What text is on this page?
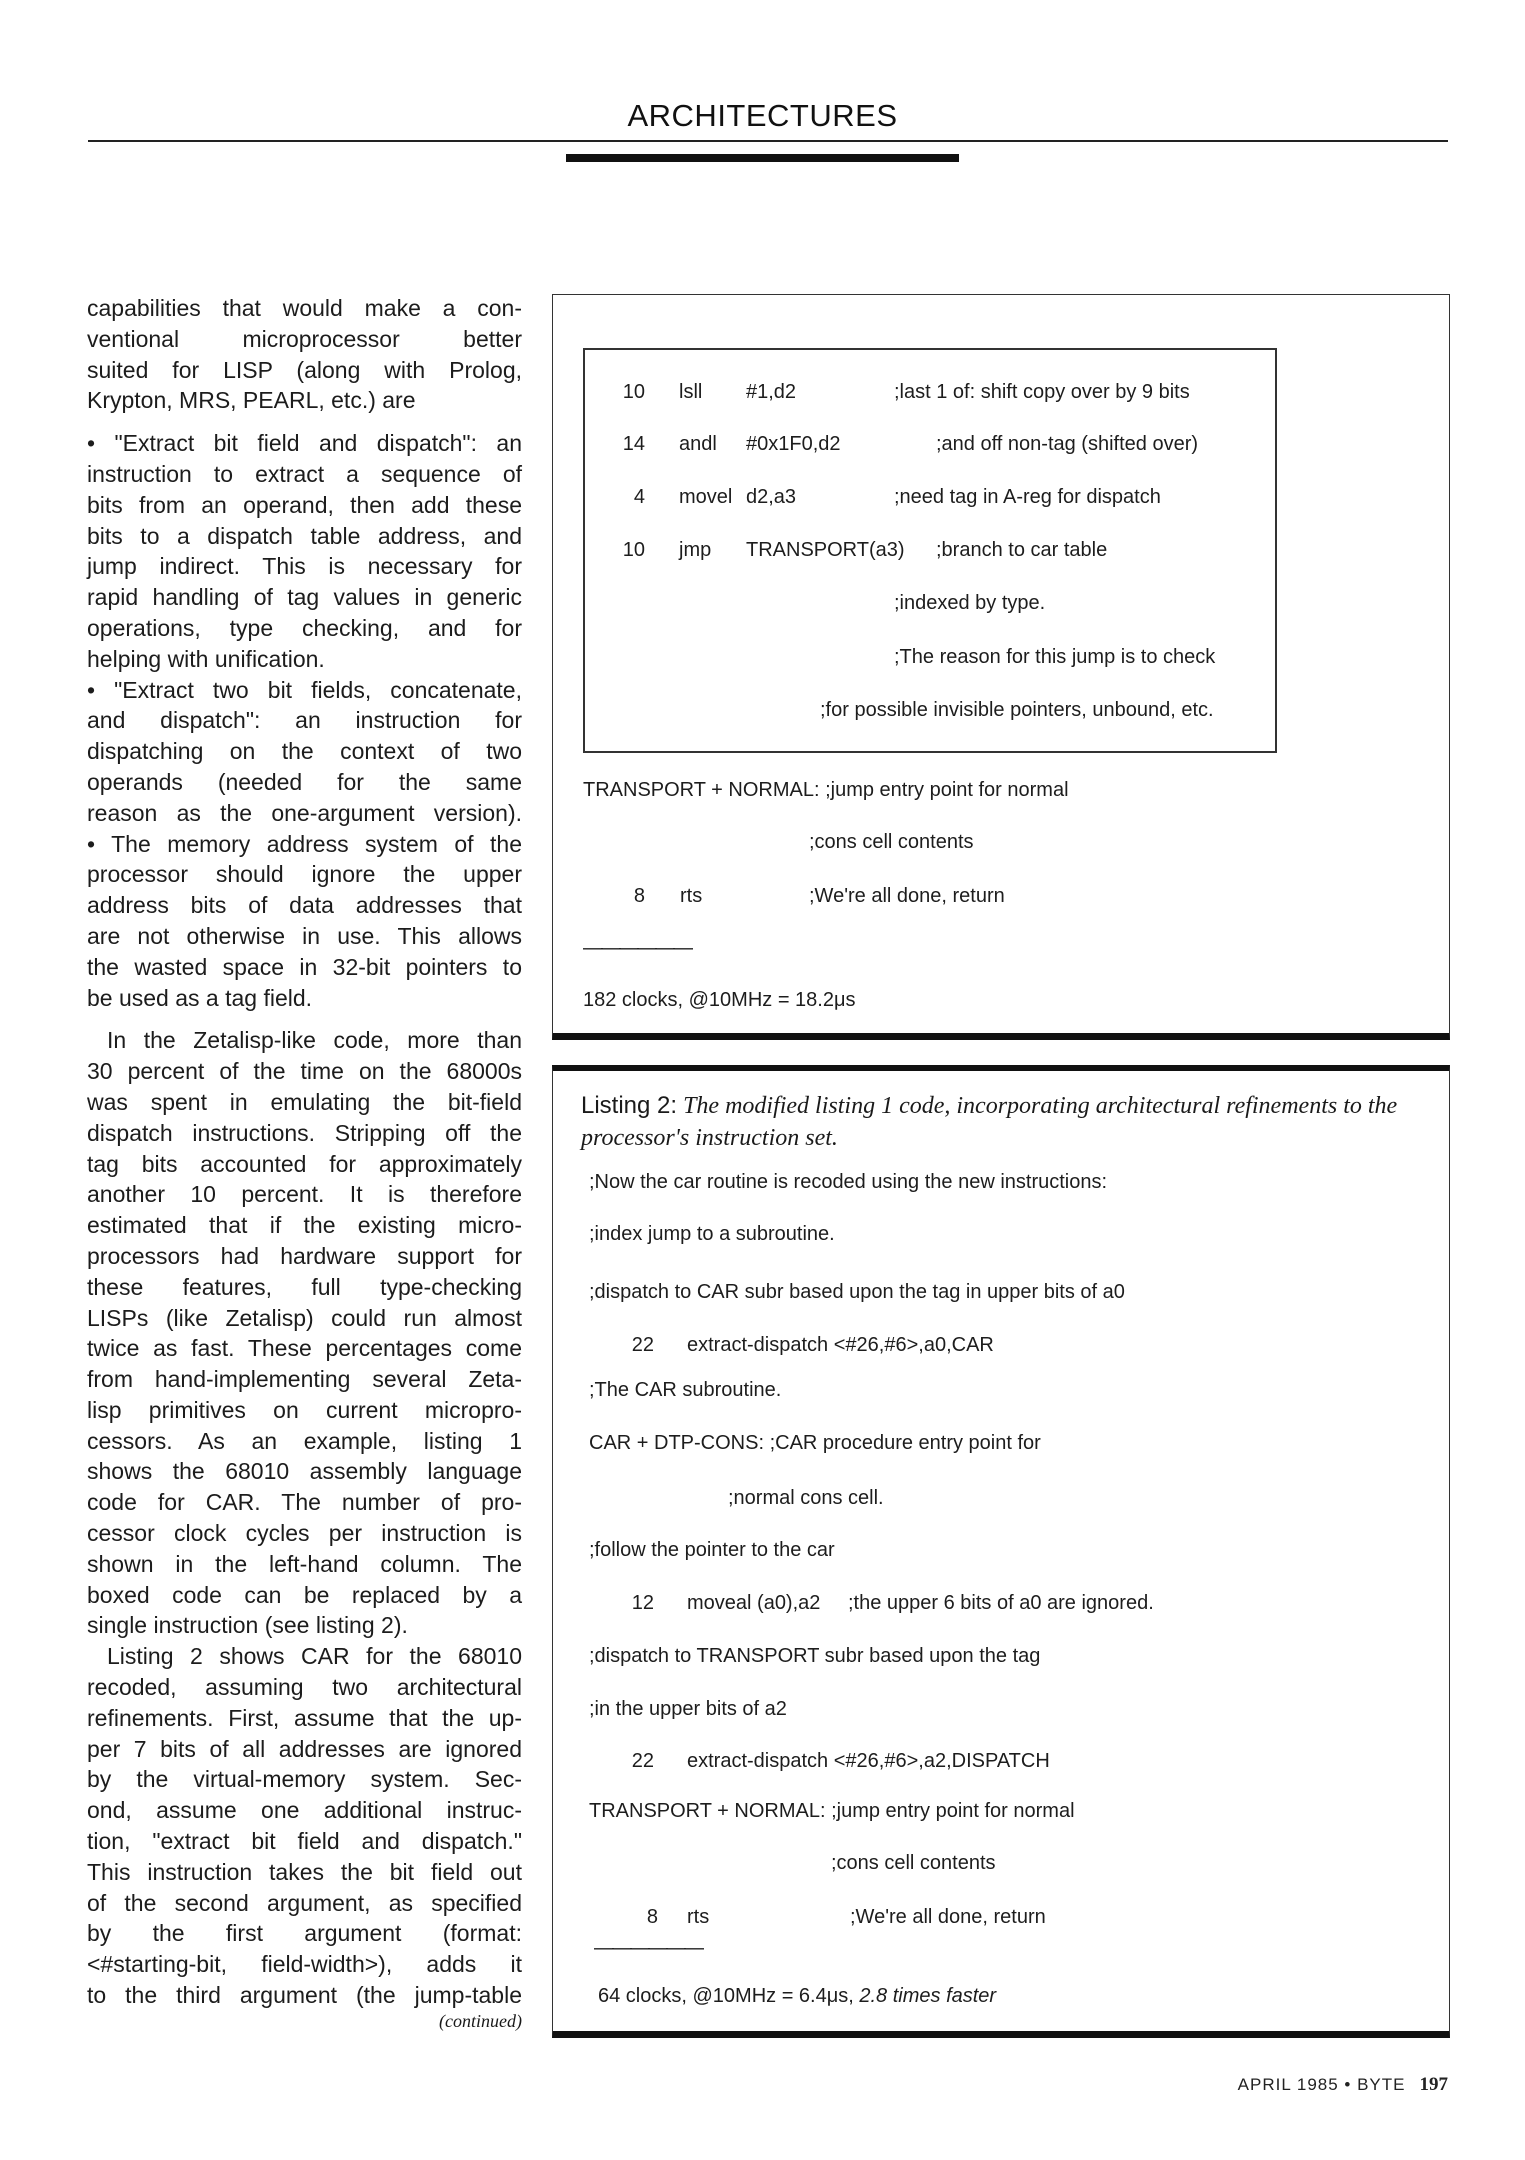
ARCHITECTURES
capabilities that would make a con-
ventional microprocessor better
suited for LISP (along with Prolog,
Krypton, MRS, PEARL, etc.) are
• "Extract bit field and dispatch": an
instruction to extract a sequence of
bits from an operand, then add these
bits to a dispatch table address, and
jump indirect. This is necessary for
rapid handling of tag values in generic
operations, type checking, and for
helping with unification.
• "Extract two bit fields, concatenate,
and dispatch": an instruction for
dispatching on the context of two
operands (needed for the same
reason as the one-argument version).
• The memory address system of the
processor should ignore the upper
address bits of data addresses that
are not otherwise in use. This allows
the wasted space in 32-bit pointers to
be used as a tag field.
In the Zetalisp-like code, more than
30 percent of the time on the 68000s
was spent in emulating the bit-field
dispatch instructions. Stripping off the
tag bits accounted for approximately
another 10 percent. It is therefore
estimated that if the existing micro-
processors had hardware support for
these features, full type-checking
LISPs (like Zetalisp) could run almost
twice as fast. These percentages come
from hand-implementing several Zeta-
lisp primitives on current micropro-
cessors. As an example, listing 1
shows the 68010 assembly language
code for CAR. The number of pro-
cessor clock cycles per instruction is
shown in the left-hand column. The
boxed code can be replaced by a
single instruction (see listing 2).
Listing 2 shows CAR for the 68010
recoded, assuming two architectural
refinements. First, assume that the up-
per 7 bits of all addresses are ignored
by the virtual-memory system. Sec-
ond, assume one additional instruc-
tion, "extract bit field and dispatch."
This instruction takes the bit field out
of the second argument, as specified
by the first argument (format:
<#starting-bit, field-width>), adds it
to the third argument (the jump-table
(continued)
10 lsll #1,d2	;last 1 of: shift copy over by 9 bits
14 andl #0x1F0,d2	;and off non-tag (shifted over)
4 movel d2,a3	;need tag in A-reg for dispatch
10 jmp TRANSPORT(a3) ;branch to car table
;indexed by type.
;The reason for this jump is to check
;for possible invisible pointers, unbound, etc.
TRANSPORT + NORMAL: ;jump entry point for normal
;cons cell contents
8 rts	;We're all done, return
——————
182 clocks, @10MHz = 18.2μs
Listing 2: The modified listing 1 code, incorporating architectural refinements to the processor's instruction set.
;Now the car routine is recoded using the new instructions:
;index jump to a subroutine.
;dispatch to CAR subr based upon the tag in upper bits of a0
22 extract-dispatch <#26,#6>,a0,CAR
;The CAR subroutine.
CAR + DTP-CONS: ;CAR procedure entry point for
;normal cons cell.
;follow the pointer to the car
12 moveal (a0),a2 ;the upper 6 bits of a0 are ignored.
;dispatch to TRANSPORT subr based upon the tag
;in the upper bits of a2
22 extract-dispatch <#26,#6>,a2,DISPATCH
TRANSPORT + NORMAL: ;jump entry point for normal
;cons cell contents
8 rts	;We're all done, return
——————
64 clocks, @10MHz = 6.4μs, 2.8 times faster
APRIL 1985 • BYTE 197
